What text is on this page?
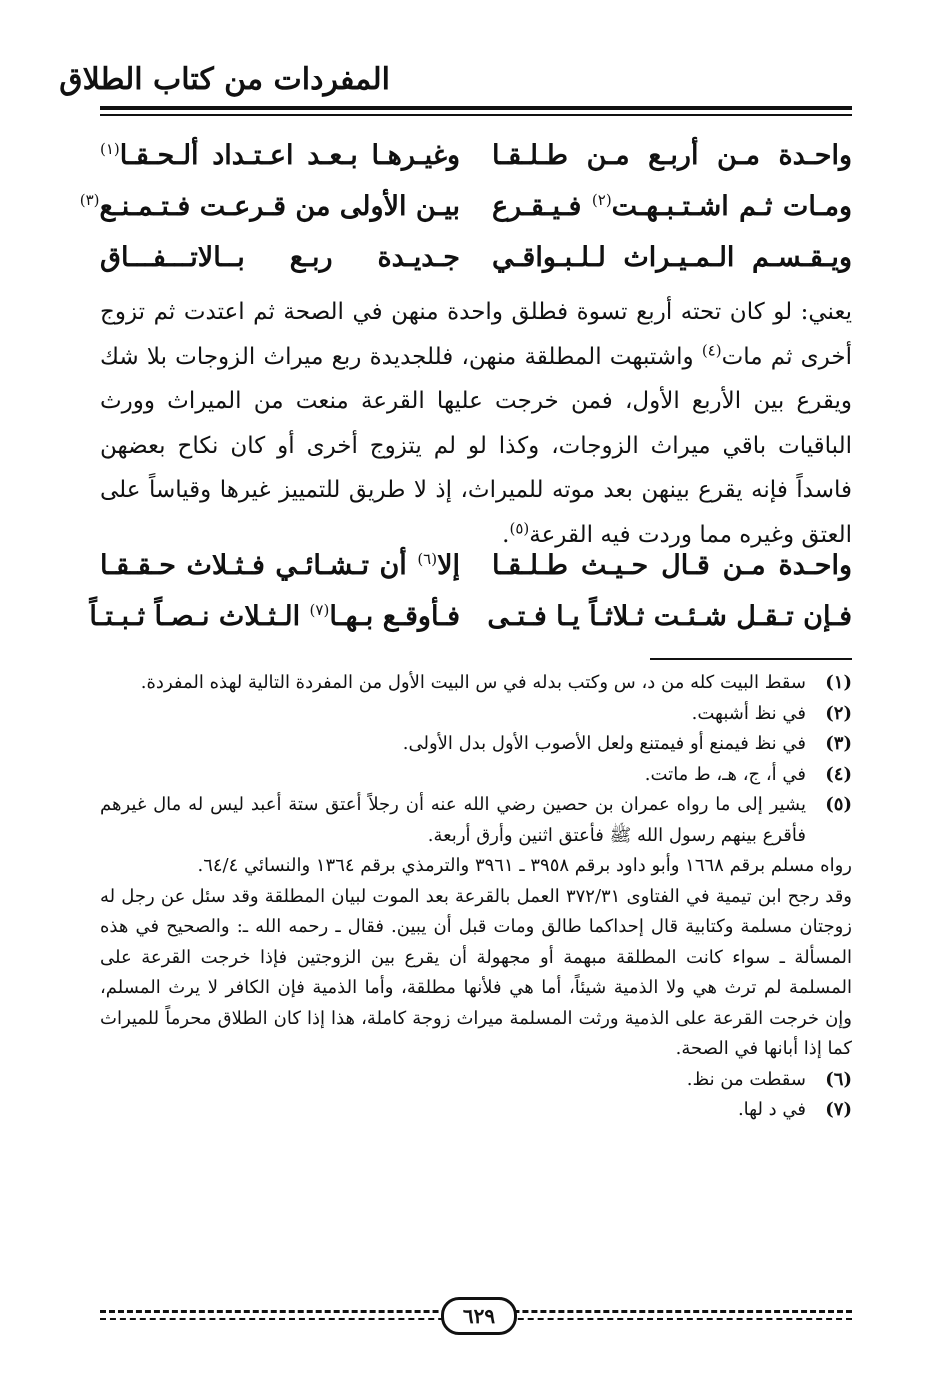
المفردات من كتاب الطلاق
واحـدة مـن أربـع مـن طـلـقـا
وغيـرهـا بـعـد اعـتـداد ألـحـقـا$^{(١)}$
ومـات ثـم اشـتـبـهـت$^{(٢)}$ فـيـقـرع
بيـن الأولى من قـرعـت فـتـمـنـع$^{(٣)}$
ويـقـسـم الـمـيـراث لـلـبـواقـي
جـديـدة ربـع بــالاتـــفـــاق

يعني: لو كان تحته أربع تسوة فطلق واحدة منهن في الصحة ثم اعتدت ثم تزوج أخرى ثم مات$^{(٤)}$ واشتبهت المطلقة منهن، فللجديدة ربع ميراث الزوجات بلا شك ويقرع بين الأربع الأول، فمن خرجت عليها القرعة منعت من الميراث وورث الباقيات باقي ميراث الزوجات، وكذا لو لم يتزوج أخرى أو كان نكاح بعضهن فاسداً فإنه يقرع بينهن بعد موته للميراث، إذ لا طريق للتمييز غيرها وقياساً على العتق وغيره مما وردت فيه القرعة$^{(٥)}$.

واحـدة مـن قـال حـيـث طـلـقـا
إلا$^{(٦)}$ أن تـشـائـي فـثـلاث حـقـقـا
فـإن تـقـل شـئـت ثـلاثـاً يـا فـتـى
فـأوقـع بـهـا$^{(٧)}$ الـثـلاث نـصـاً ثـبـتـاً
(١)
سقط البيت كله من د، س وكتب بدله في س البيت الأول من المفردة التالية لهذه المفردة.
(٢)
في نظ أشبهت.
(٣)
في نظ فيمنع أو فيمتنع ولعل الأصوب الأول بدل الأولى.
(٤)
في أ، ج، هـ، ط ماتت.
(٥)
يشير إلى ما رواه عمران بن حصين رضي الله عنه أن رجلاً أعتق ستة أعبد ليس له مال غيرهم فأقرع بينهم رسول الله ﷺ فأعتق اثنين وأرق أربعة.
رواه مسلم برقم ١٦٦٨ وأبو داود برقم ٣٩٥٨ ـ ٣٩٦١ والترمذي برقم ١٣٦٤ والنسائي ٦٤/٤.
وقد رجح ابن تيمية في الفتاوى ٣٧٢/٣١ العمل بالقرعة بعد الموت لبيان المطلقة وقد سئل عن رجل له زوجتان مسلمة وكتابية قال إحداكما طالق ومات قبل أن يبين. فقال ـ رحمه الله ـ: والصحيح في هذه المسألة ـ سواء كانت المطلقة مبهمة أو مجهولة أن يقرع بين الزوجتين فإذا خرجت القرعة على المسلمة لم ترث هي ولا الذمية شيئاً، أما هي فلأنها مطلقة، وأما الذمية فإن الكافر لا يرث المسلم، وإن خرجت القرعة على الذمية ورثت المسلمة ميراث زوجة كاملة، هذا إذا كان الطلاق محرماً للميراث كما إذا أبانها في الصحة.
(٦)
سقطت من نظ.
(٧)
في د لها.
٦٢٩
